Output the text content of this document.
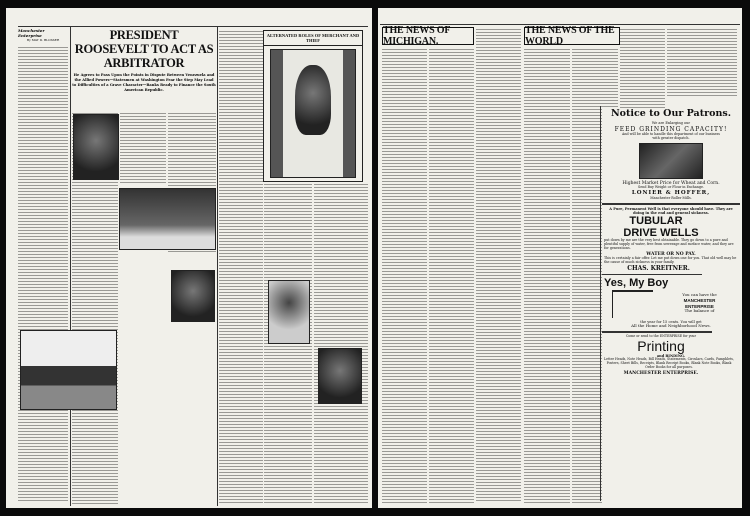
Manchester Enterprise
By MAT D. BLOSSER	PRESIDENT ROOSEVELT TO ACT AS ARBITRATOR
He Agrees to Pass Upon the Points in Dispute Between Venezuela and the Allied Powers—Statesmen at Washington Fear the Step May Lead to Difficulties of a Grave Character—Banks Ready to Finance the South American Republic.
ALTERNATED ROLES OF MERCHANT AND THIEF
THE NEWS OF MICHIGAN.
THE NEWS OF THE WORLD
Notice to Our Patrons.
We are Enlarging our
FEED GRINDING CAPACITY!
And will be able to handle this department of our business with greater dispatch.
Highest Market Price for Wheat and Corn.
Send Buy Weight or Flour in Exchange.
LONIER & HOFFER,
Manchester Roller Mills.
A Pure, Permanent Well is that everyone should have. They are doing in the end and general sickness.
TUBULAR
DRIVE WELLS
put down by me are the very best obtainable. They go down to a pure and plentiful supply of water, free from sewerage and surface water, and they are for generations.
WATER OR NO PAY.
This is certainly a fair offer. Let me put down one for you. That old well may be the cause of much sickness in your family.
CHAS. KREITNER.
Yes, My Boy
You can have the
MANCHESTER
ENTERPRISE
The balance of
the year for 15 cents. You will get
All the Home and Neighborhood News.
Come or send to the ENTERPRISE for your
Printing
and BINDING.
Letter Heads, Note Heads, Bill Heads, Statements, Circulars, Cards, Pamphlets, Posters, Sheet Bills, Receipts, Blank Receipt Books, Blank Note Books, Blank Order Books for all purposes.
MANCHESTER ENTERPRISE.
